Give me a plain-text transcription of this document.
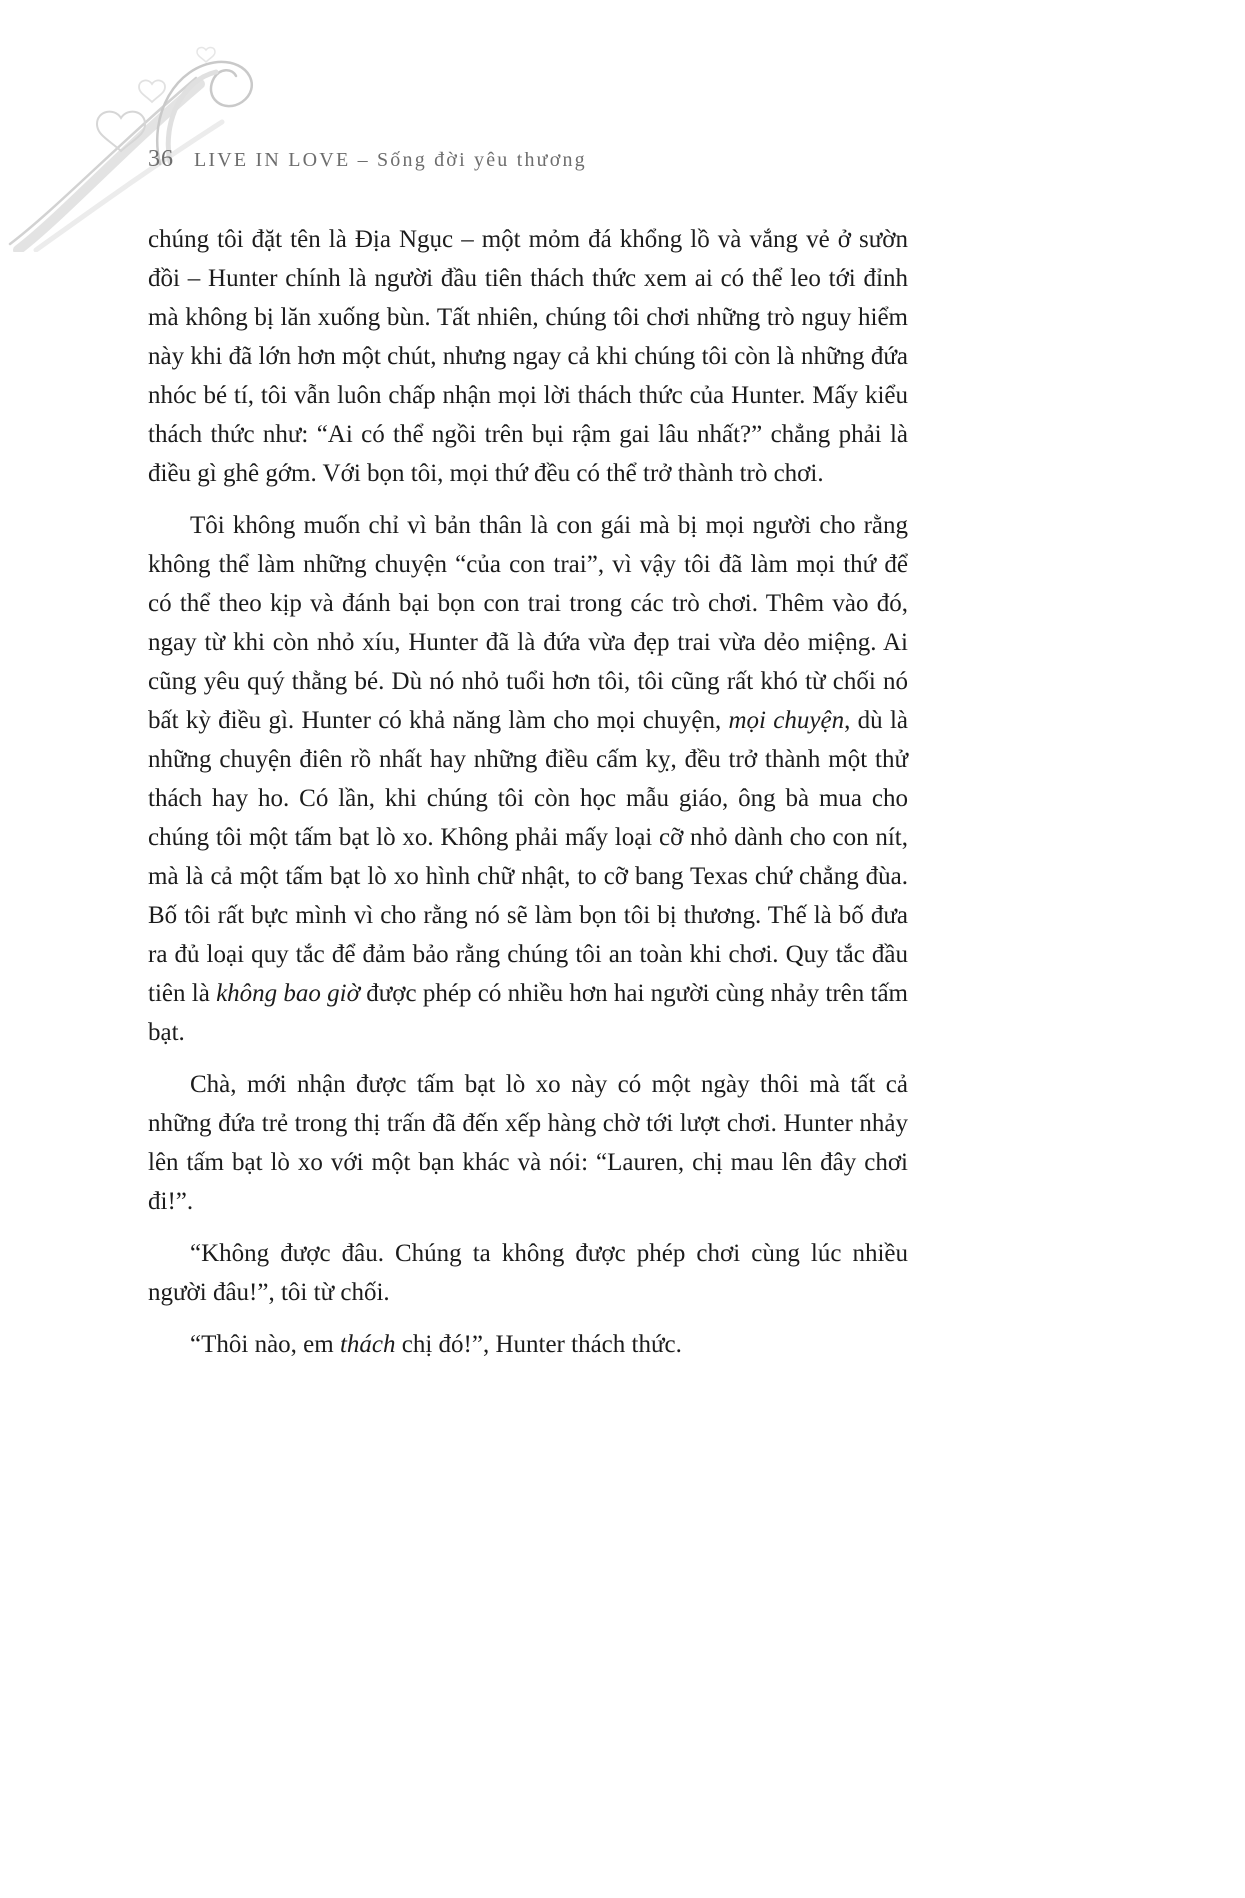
36 LIVE IN LOVE – Sống đời yêu thương

chúng tôi đặt tên là Địa Ngục – một mỏm đá khổng lồ và vắng vẻ ở sườn đồi – Hunter chính là người đầu tiên thách thức xem ai có thể leo tới đỉnh mà không bị lăn xuống bùn. Tất nhiên, chúng tôi chơi những trò nguy hiểm này khi đã lớn hơn một chút, nhưng ngay cả khi chúng tôi còn là những đứa nhóc bé tí, tôi vẫn luôn chấp nhận mọi lời thách thức của Hunter. Mấy kiểu thách thức như: “Ai có thể ngồi trên bụi rậm gai lâu nhất?” chẳng phải là điều gì ghê gớm. Với bọn tôi, mọi thứ đều có thể trở thành trò chơi.

Tôi không muốn chỉ vì bản thân là con gái mà bị mọi người cho rằng không thể làm những chuyện “của con trai”, vì vậy tôi đã làm mọi thứ để có thể theo kịp và đánh bại bọn con trai trong các trò chơi. Thêm vào đó, ngay từ khi còn nhỏ xíu, Hunter đã là đứa vừa đẹp trai vừa dẻo miệng. Ai cũng yêu quý thằng bé. Dù nó nhỏ tuổi hơn tôi, tôi cũng rất khó từ chối nó bất kỳ điều gì. Hunter có khả năng làm cho mọi chuyện, mọi chuyện, dù là những chuyện điên rồ nhất hay những điều cấm kỵ, đều trở thành một thử thách hay ho. Có lần, khi chúng tôi còn học mẫu giáo, ông bà mua cho chúng tôi một tấm bạt lò xo. Không phải mấy loại cỡ nhỏ dành cho con nít, mà là cả một tấm bạt lò xo hình chữ nhật, to cỡ bang Texas chứ chẳng đùa. Bố tôi rất bực mình vì cho rằng nó sẽ làm bọn tôi bị thương. Thế là bố đưa ra đủ loại quy tắc để đảm bảo rằng chúng tôi an toàn khi chơi. Quy tắc đầu tiên là không bao giờ được phép có nhiều hơn hai người cùng nhảy trên tấm bạt.

Chà, mới nhận được tấm bạt lò xo này có một ngày thôi mà tất cả những đứa trẻ trong thị trấn đã đến xếp hàng chờ tới lượt chơi. Hunter nhảy lên tấm bạt lò xo với một bạn khác và nói: “Lauren, chị mau lên đây chơi đi!”.

“Không được đâu. Chúng ta không được phép chơi cùng lúc nhiều người đâu!”, tôi từ chối.

“Thôi nào, em thách chị đó!”, Hunter thách thức.
